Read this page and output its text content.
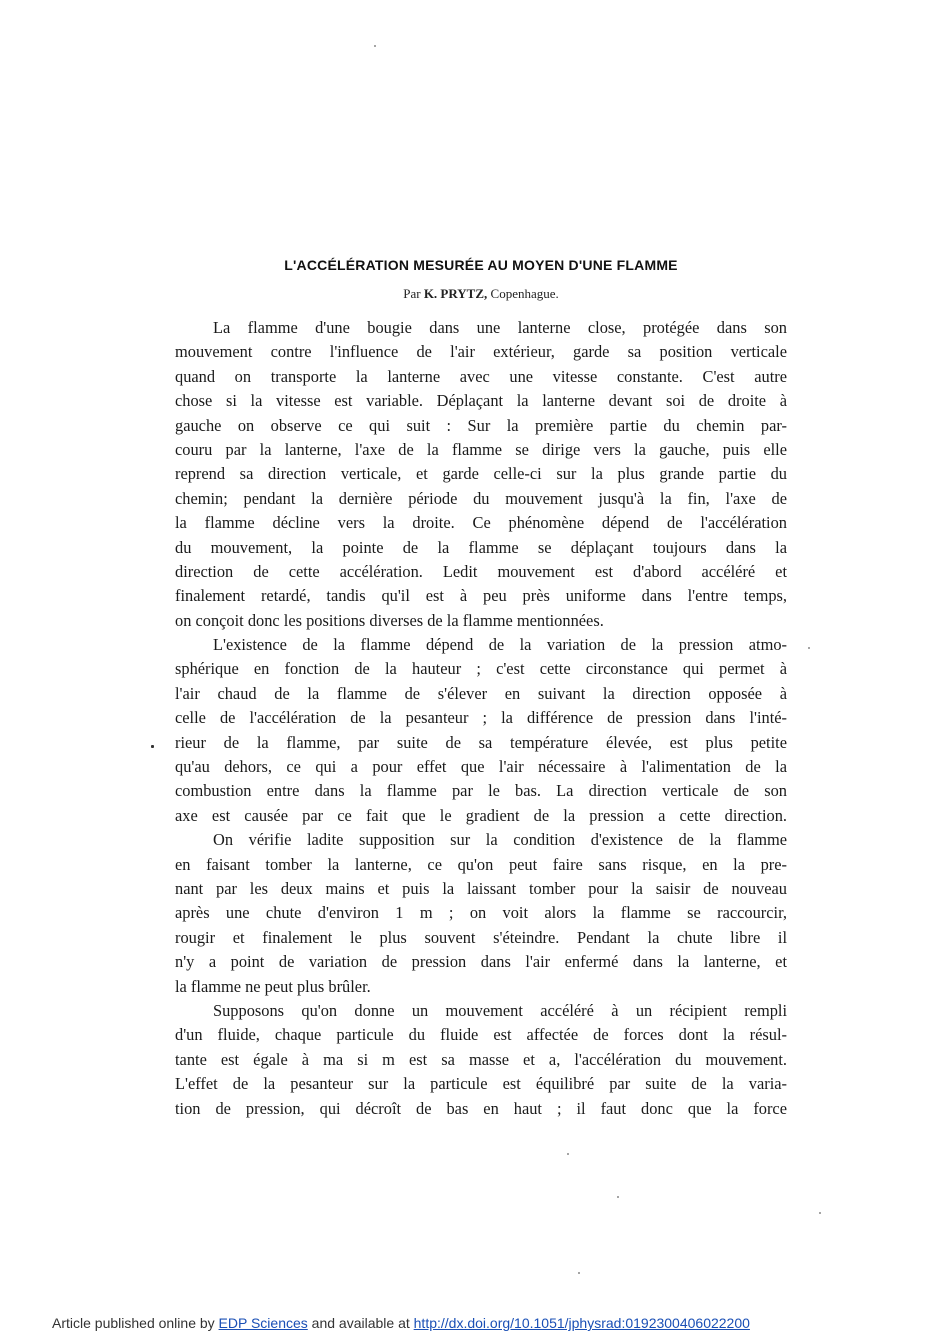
L'ACCÉLÉRATION MESURÉE AU MOYEN D'UNE FLAMME
Par K. PRYTZ, Copenhague.
La flamme d'une bougie dans une lanterne close, protégée dans son
mouvement contre l'influence de l'air extérieur, garde sa position verticale
quand on transporte la lanterne avec une vitesse constante. C'est autre
chose si la vitesse est variable. Déplaçant la lanterne devant soi de droite à
gauche on observe ce qui suit : Sur la première partie du chemin par-
couru par la lanterne, l'axe de la flamme se dirige vers la gauche, puis elle
reprend sa direction verticale, et garde celle-ci sur la plus grande partie du
chemin; pendant la dernière période du mouvement jusqu'à la fin, l'axe de
la flamme décline vers la droite. Ce phénomène dépend de l'accélération
du mouvement, la pointe de la flamme se déplaçant toujours dans la
direction de cette accélération. Ledit mouvement est d'abord accéléré et
finalement retardé, tandis qu'il est à peu près uniforme dans l'entre temps,
on conçoit donc les positions diverses de la flamme mentionnées.
L'existence de la flamme dépend de la variation de la pression atmo-
sphérique en fonction de la hauteur ; c'est cette circonstance qui permet à
l'air chaud de la flamme de s'élever en suivant la direction opposée à
celle de l'accélération de la pesanteur ; la différence de pression dans l'inté-
rieur de la flamme, par suite de sa température élevée, est plus petite
qu'au dehors, ce qui a pour effet que l'air nécessaire à l'alimentation de la
combustion entre dans la flamme par le bas. La direction verticale de son
axe est causée par ce fait que le gradient de la pression a cette direction.
On vérifie ladite supposition sur la condition d'existence de la flamme
en faisant tomber la lanterne, ce qu'on peut faire sans risque, en la pre-
nant par les deux mains et puis la laissant tomber pour la saisir de nouveau
après une chute d'environ 1 m ; on voit alors la flamme se raccourcir,
rougir et finalement le plus souvent s'éteindre. Pendant la chute libre il
n'y a point de variation de pression dans l'air enfermé dans la lanterne, et
la flamme ne peut plus brûler.
Supposons qu'on donne un mouvement accéléré à un récipient rempli
d'un fluide, chaque particule du fluide est affectée de forces dont la résul-
tante est égale à ma si m est sa masse et a, l'accélération du mouvement.
L'effet de la pesanteur sur la particule est équilibré par suite de la varia-
tion de pression, qui décroît de bas en haut ; il faut donc que la force
Article published online by EDP Sciences and available at http://dx.doi.org/10.1051/jphysrad:0192300406022200
